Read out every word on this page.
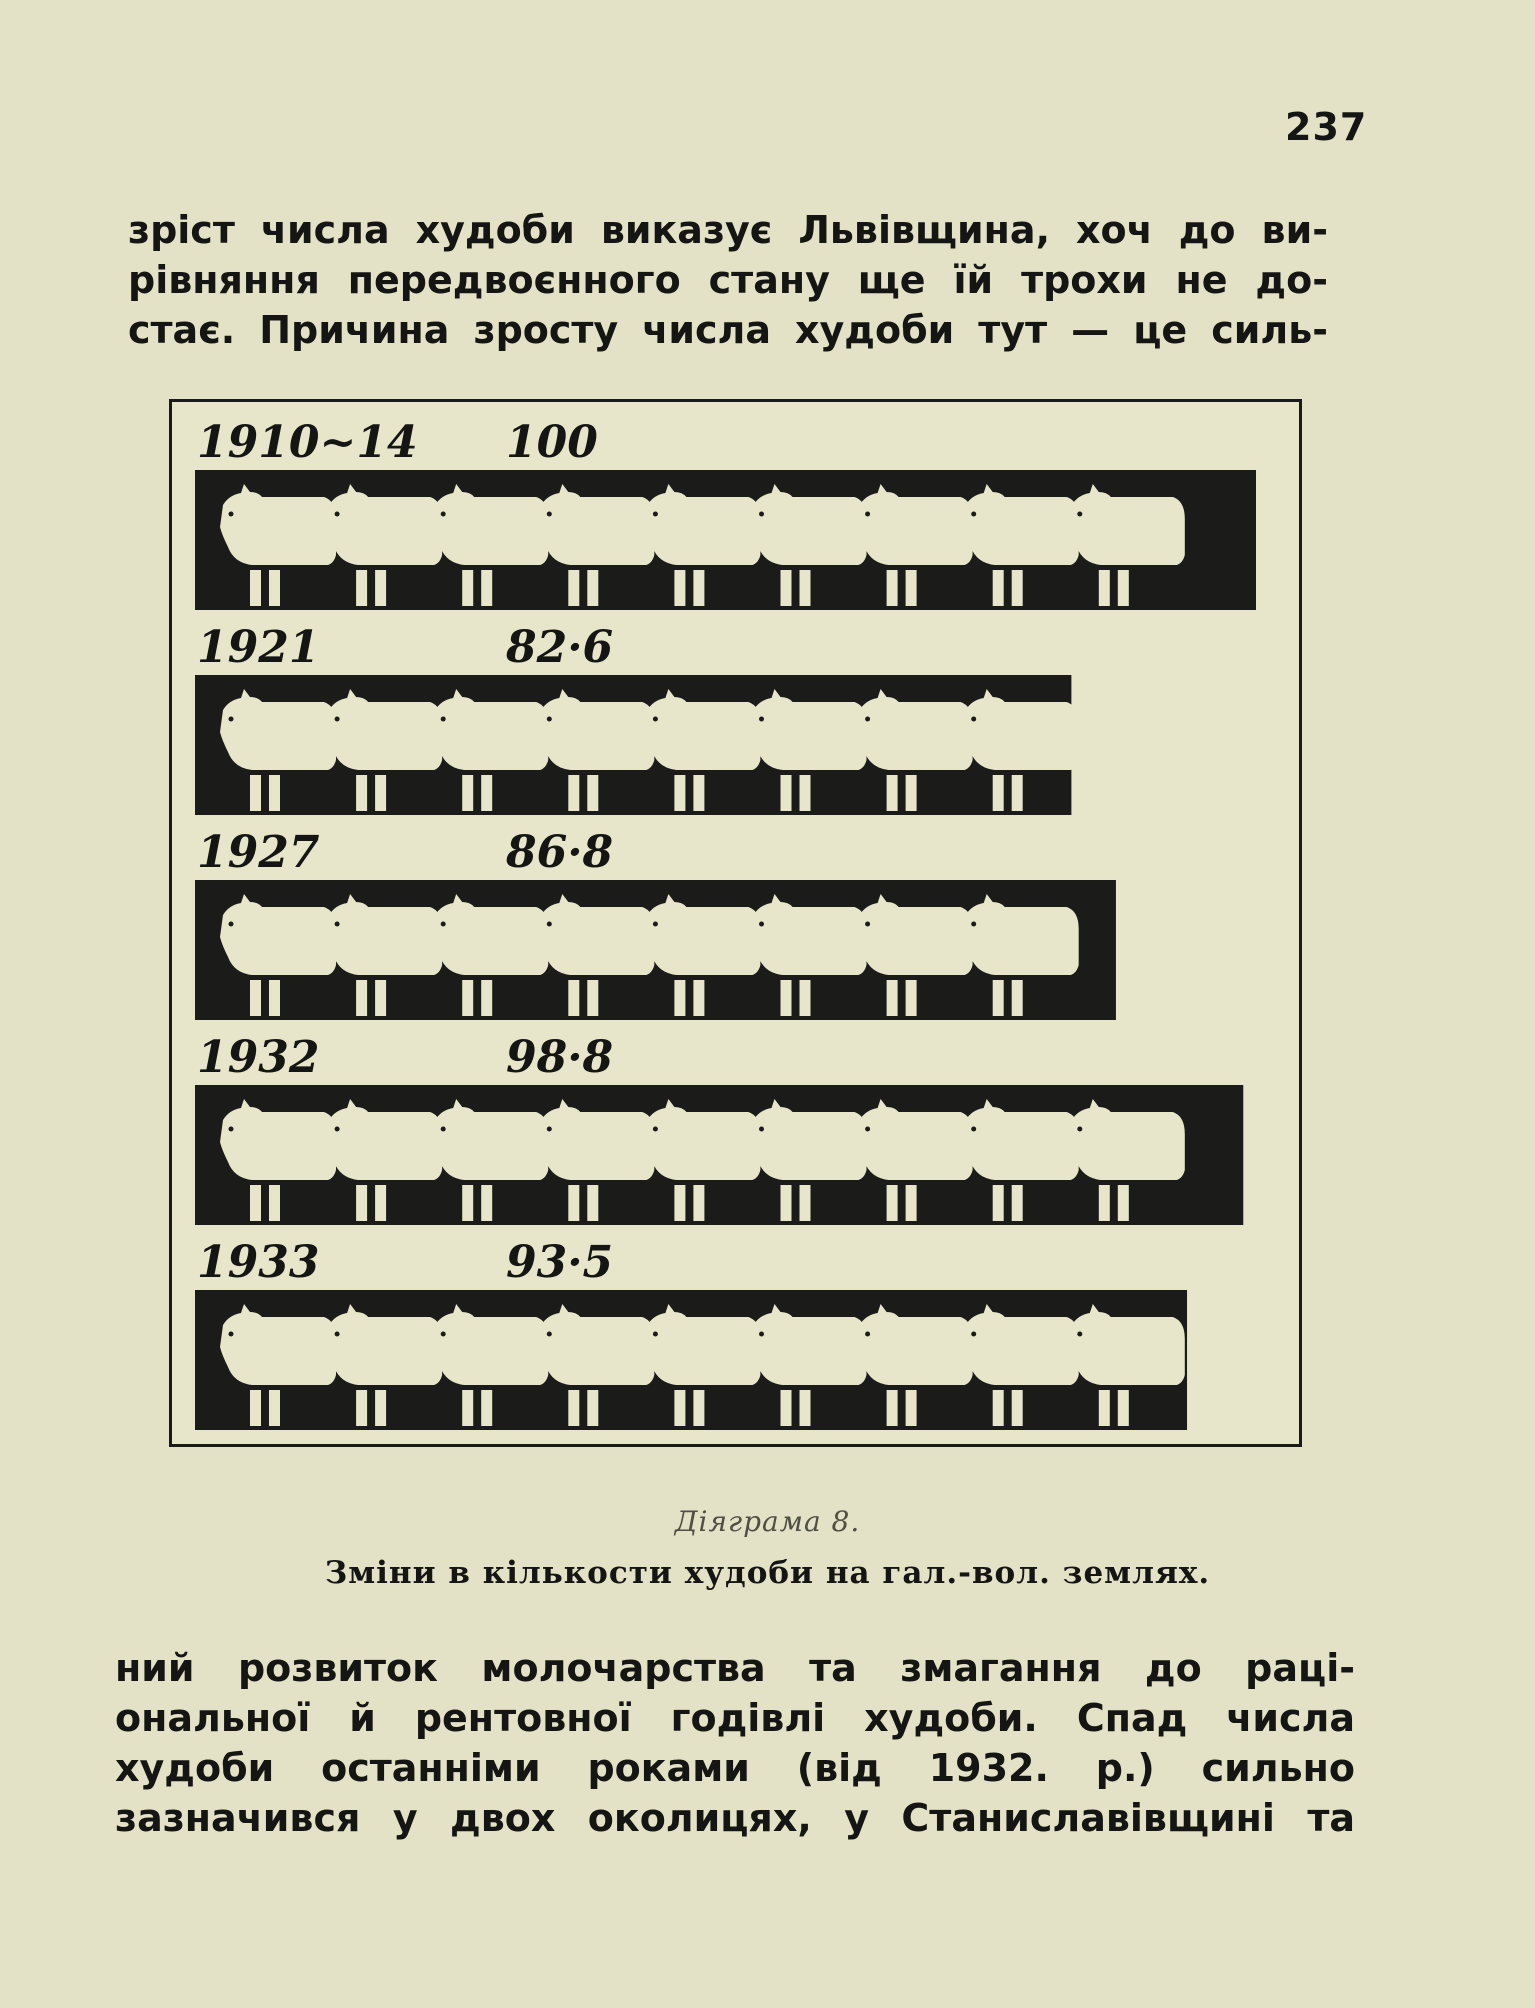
237
зріст числа худоби виказує Львівщина, хоч до ви-
рівняння передвоєнного стану ще їй трохи не до-
стає. Причина зросту числа худоби тут — це силь-
1910~14 100
1921	82·6
1927	86·8
1932	98·8
1933	93·5
Діяграма 8.
Зміни в кількости худоби на гал.-вол. землях.
ний розвиток молочарства та змагання до раці-
ональної й рентовної годівлі худоби. Спад числа
худоби останніми роками (від 1932. р.) сильно
зазначився у двох околицях, у Станиславівщині та
